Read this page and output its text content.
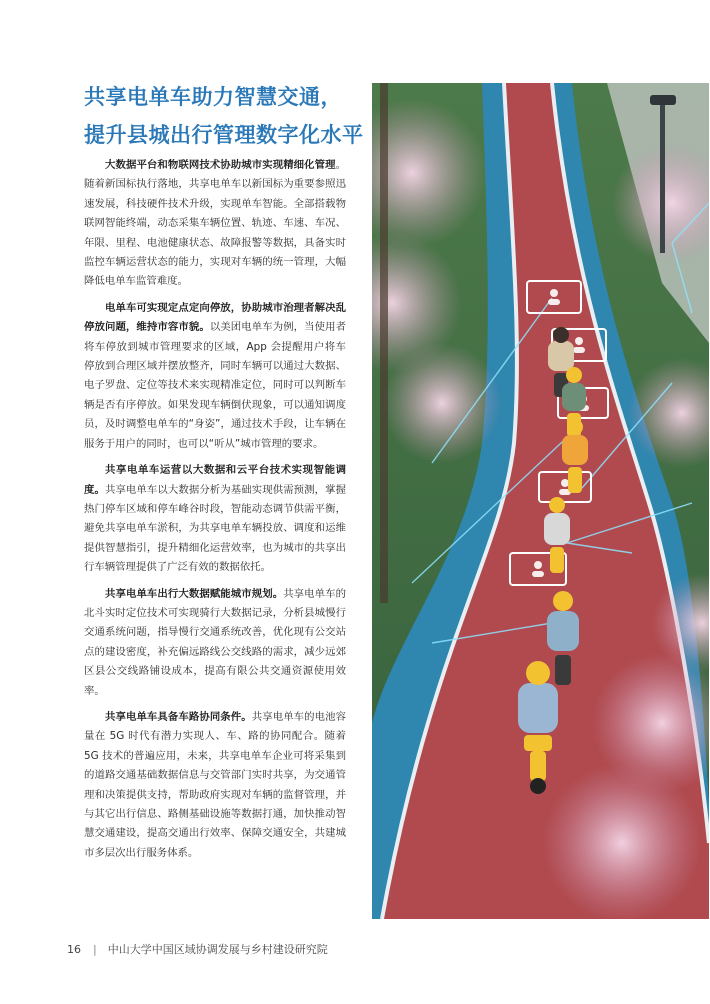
共享电单车助力智慧交通，
提升县城出行管理数字化水平

大数据平台和物联网技术协助城市实现精细化管理。随着新国标执行落地，共享电单车以新国标为重要参照迅速发展，科技硬件技术升级，实现单车智能。全部搭载物联网智能终端，动态采集车辆位置、轨迹、车速、车况、年限、里程、电池健康状态、故障报警等数据，具备实时监控车辆运营状态的能力，实现对车辆的统一管理，大幅降低电单车监管难度。

电单车可实现定点定向停放，协助城市治理者解决乱停放问题，维持市容市貌。以美团电单车为例，当使用者将车停放到城市管理要求的区域，App 会提醒用户将车停放到合理区域并摆放整齐，同时车辆可以通过大数据、电子罗盘、定位等技术来实现精准定位，同时可以判断车辆是否有序停放。如果发现车辆倒伏现象，可以通知调度员，及时调整电单车的“身姿”，通过技术手段，让车辆在服务于用户的同时，也可以“听从”城市管理的要求。

共享电单车运营以大数据和云平台技术实现智能调度。共享电单车以大数据分析为基础实现供需预测，掌握热门停车区域和停车峰谷时段，智能动态调节供需平衡，避免共享电单车淤积，为共享电单车辆投放、调度和运维提供智慧指引，提升精细化运营效率，也为城市的共享出行车辆管理提供了广泛有效的数据依托。

共享电单车出行大数据赋能城市规划。共享电单车的北斗实时定位技术可实现骑行大数据记录，分析县城慢行交通系统问题，指导慢行交通系统改善，优化现有公交站点的建设密度，补充偏远路线公交线路的需求，减少远郊区县公交线路铺设成本，提高有限公共交通资源使用效率。

共享电单车具备车路协同条件。共享电单车的电池容量在 5G 时代有潜力实现人、车、路的协同配合。随着 5G 技术的普遍应用，未来，共享电单车企业可将采集到的道路交通基础数据信息与交管部门实时共享，为交通管理和决策提供支持，帮助政府实现对车辆的监督管理，并与其它出行信息、路侧基础设施等数据打通，加快推动智慧交通建设，提高交通出行效率、保障交通安全，共建城市多层次出行服务体系。

16 | 中山大学中国区域协调发展与乡村建设研究院
